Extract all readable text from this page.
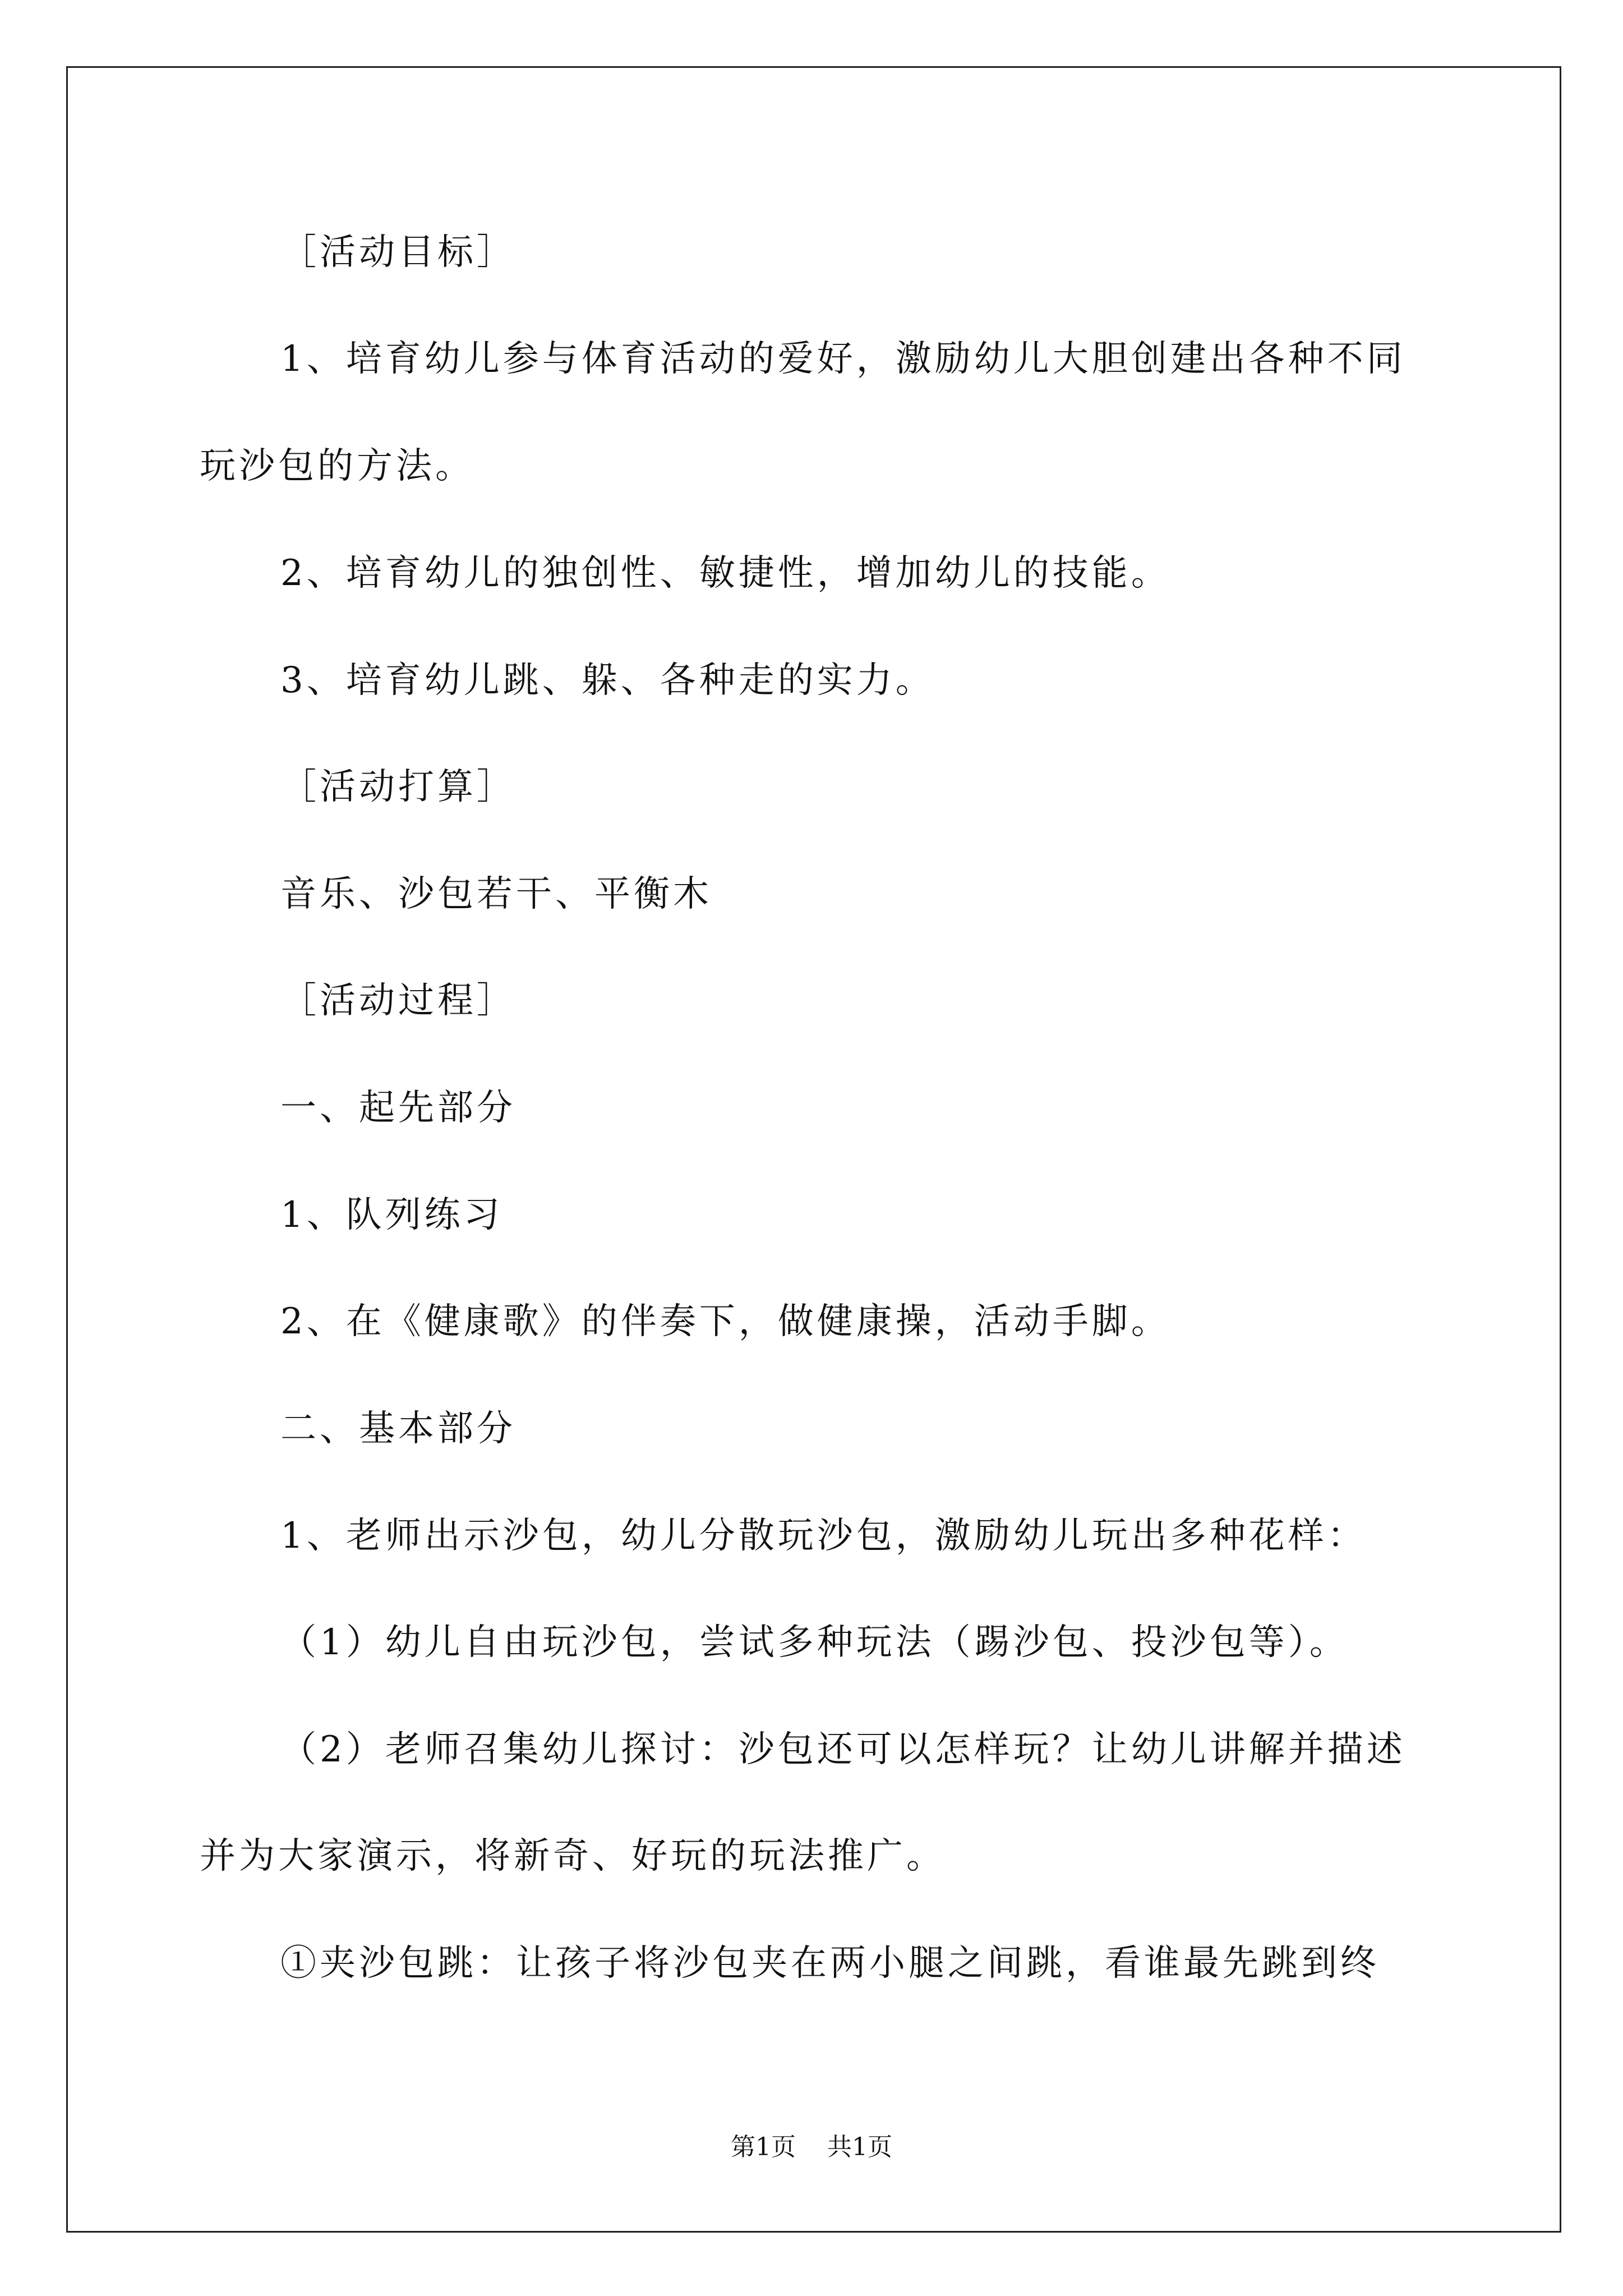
［活动目标］
1、培育幼儿参与体育活动的爱好，激励幼儿大胆创建出各种不同
玩沙包的方法。
2、培育幼儿的独创性、敏捷性，增加幼儿的技能。
3、培育幼儿跳、躲、各种走的实力。
［活动打算］
音乐、沙包若干、平衡木
［活动过程］
一、起先部分
1、队列练习
2、在《健康歌》的伴奏下，做健康操，活动手脚。
二、基本部分
1、老师出示沙包，幼儿分散玩沙包，激励幼儿玩出多种花样：
（1）幼儿自由玩沙包，尝试多种玩法（踢沙包、投沙包等）。
（2）老师召集幼儿探讨：沙包还可以怎样玩？让幼儿讲解并描述
并为大家演示，将新奇、好玩的玩法推广。
①夹沙包跳：让孩子将沙包夹在两小腿之间跳，看谁最先跳到终
第1页 共1页
